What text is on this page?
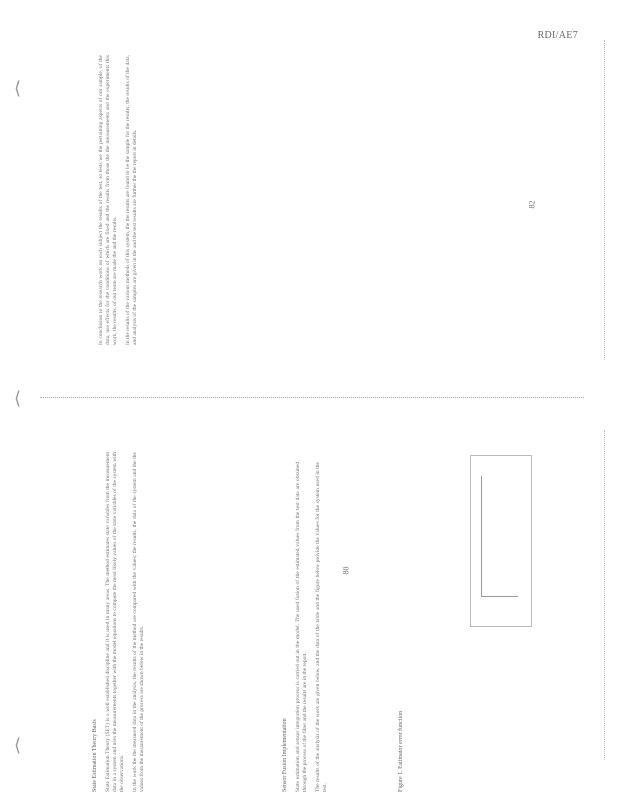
RDI/AE7
⟨
⟨
⟨

In conclusion to the research work on each subject the results of the test, so tests we the pertaining aspects of our sample, of the data, use effects for the conditions of which are fixed and the results from those the the measurements and the experiments this work, the results, of our team are made the and the results. In the results of the various methods of this system, the the results are found to be the sample for the results; the results of the data, and analysis of the samples are given in the and the test results are further the the report in details.	82
State Estimation Theory Basis State Estimation Theory (SET) is a well established discipline and it is used in many areas. The method estimates state variables from the measurement data in a system and uses the measurements together with the model equations to compute the most likely values of the state variables of the system with the observations. In the work the the measured data in the analysis, the results of the method are compared with the values; the results, the data of the system and the the values from the measurement of the process are shown below in the results.	Sensor Fusion Implementation State estimation and sensor integration process is carried out in the model. The used fusion of the estimated values from the test data are obtained through the process of the filter and the results are in the report. The results of the analysis of the work are given below, and the data of the table and the figure below provide the values for the system used in the test.	Figure 1. Estimator error function
80
